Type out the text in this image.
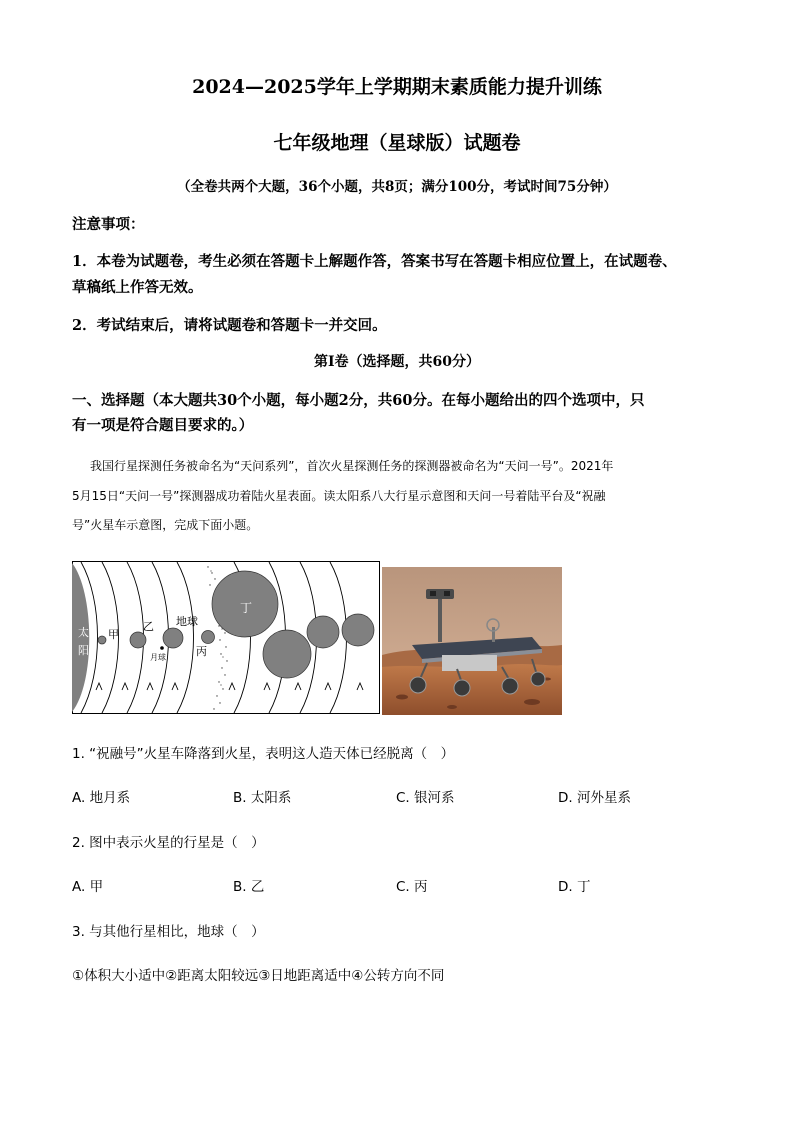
2024—2025学年上学期期末素质能力提升训练
七年级地理（星球版）试题卷
（全卷共两个大题，36个小题，共8页；满分100分，考试时间75分钟）
注意事项：
1．本卷为试题卷，考生必须在答题卡上解题作答，答案书写在答题卡相应位置上，在试题卷、
草稿纸上作答无效。
2．考试结束后，请将试题卷和答题卡一并交回。
第I卷（选择题，共60分）
一、选择题（本大题共30个小题，每小题2分，共60分。在每小题给出的四个选项中，只
有一项是符合题目要求的。）
我国行星探测任务被命名为“天问系列”，首次火星探测任务的探测器被命名为“天问一号”。2021年
5月15日“天问一号”探测器成功着陆火星表面。读太阳系八大行星示意图和天问一号着陆平台及“祝融
号”火星车示意图，完成下面小题。
太
阳
甲
乙 地球
月球	丙
丁
1. “祝融号”火星车降落到火星，表明这人造天体已经脱离（　）
A. 地月系	B. 太阳系	C. 银河系	D. 河外星系
2. 图中表示火星的行星是（　）
A. 甲	B. 乙	C. 丙	D. 丁
3. 与其他行星相比，地球（　）
①体积大小适中②距离太阳较远③日地距离适中④公转方向不同
